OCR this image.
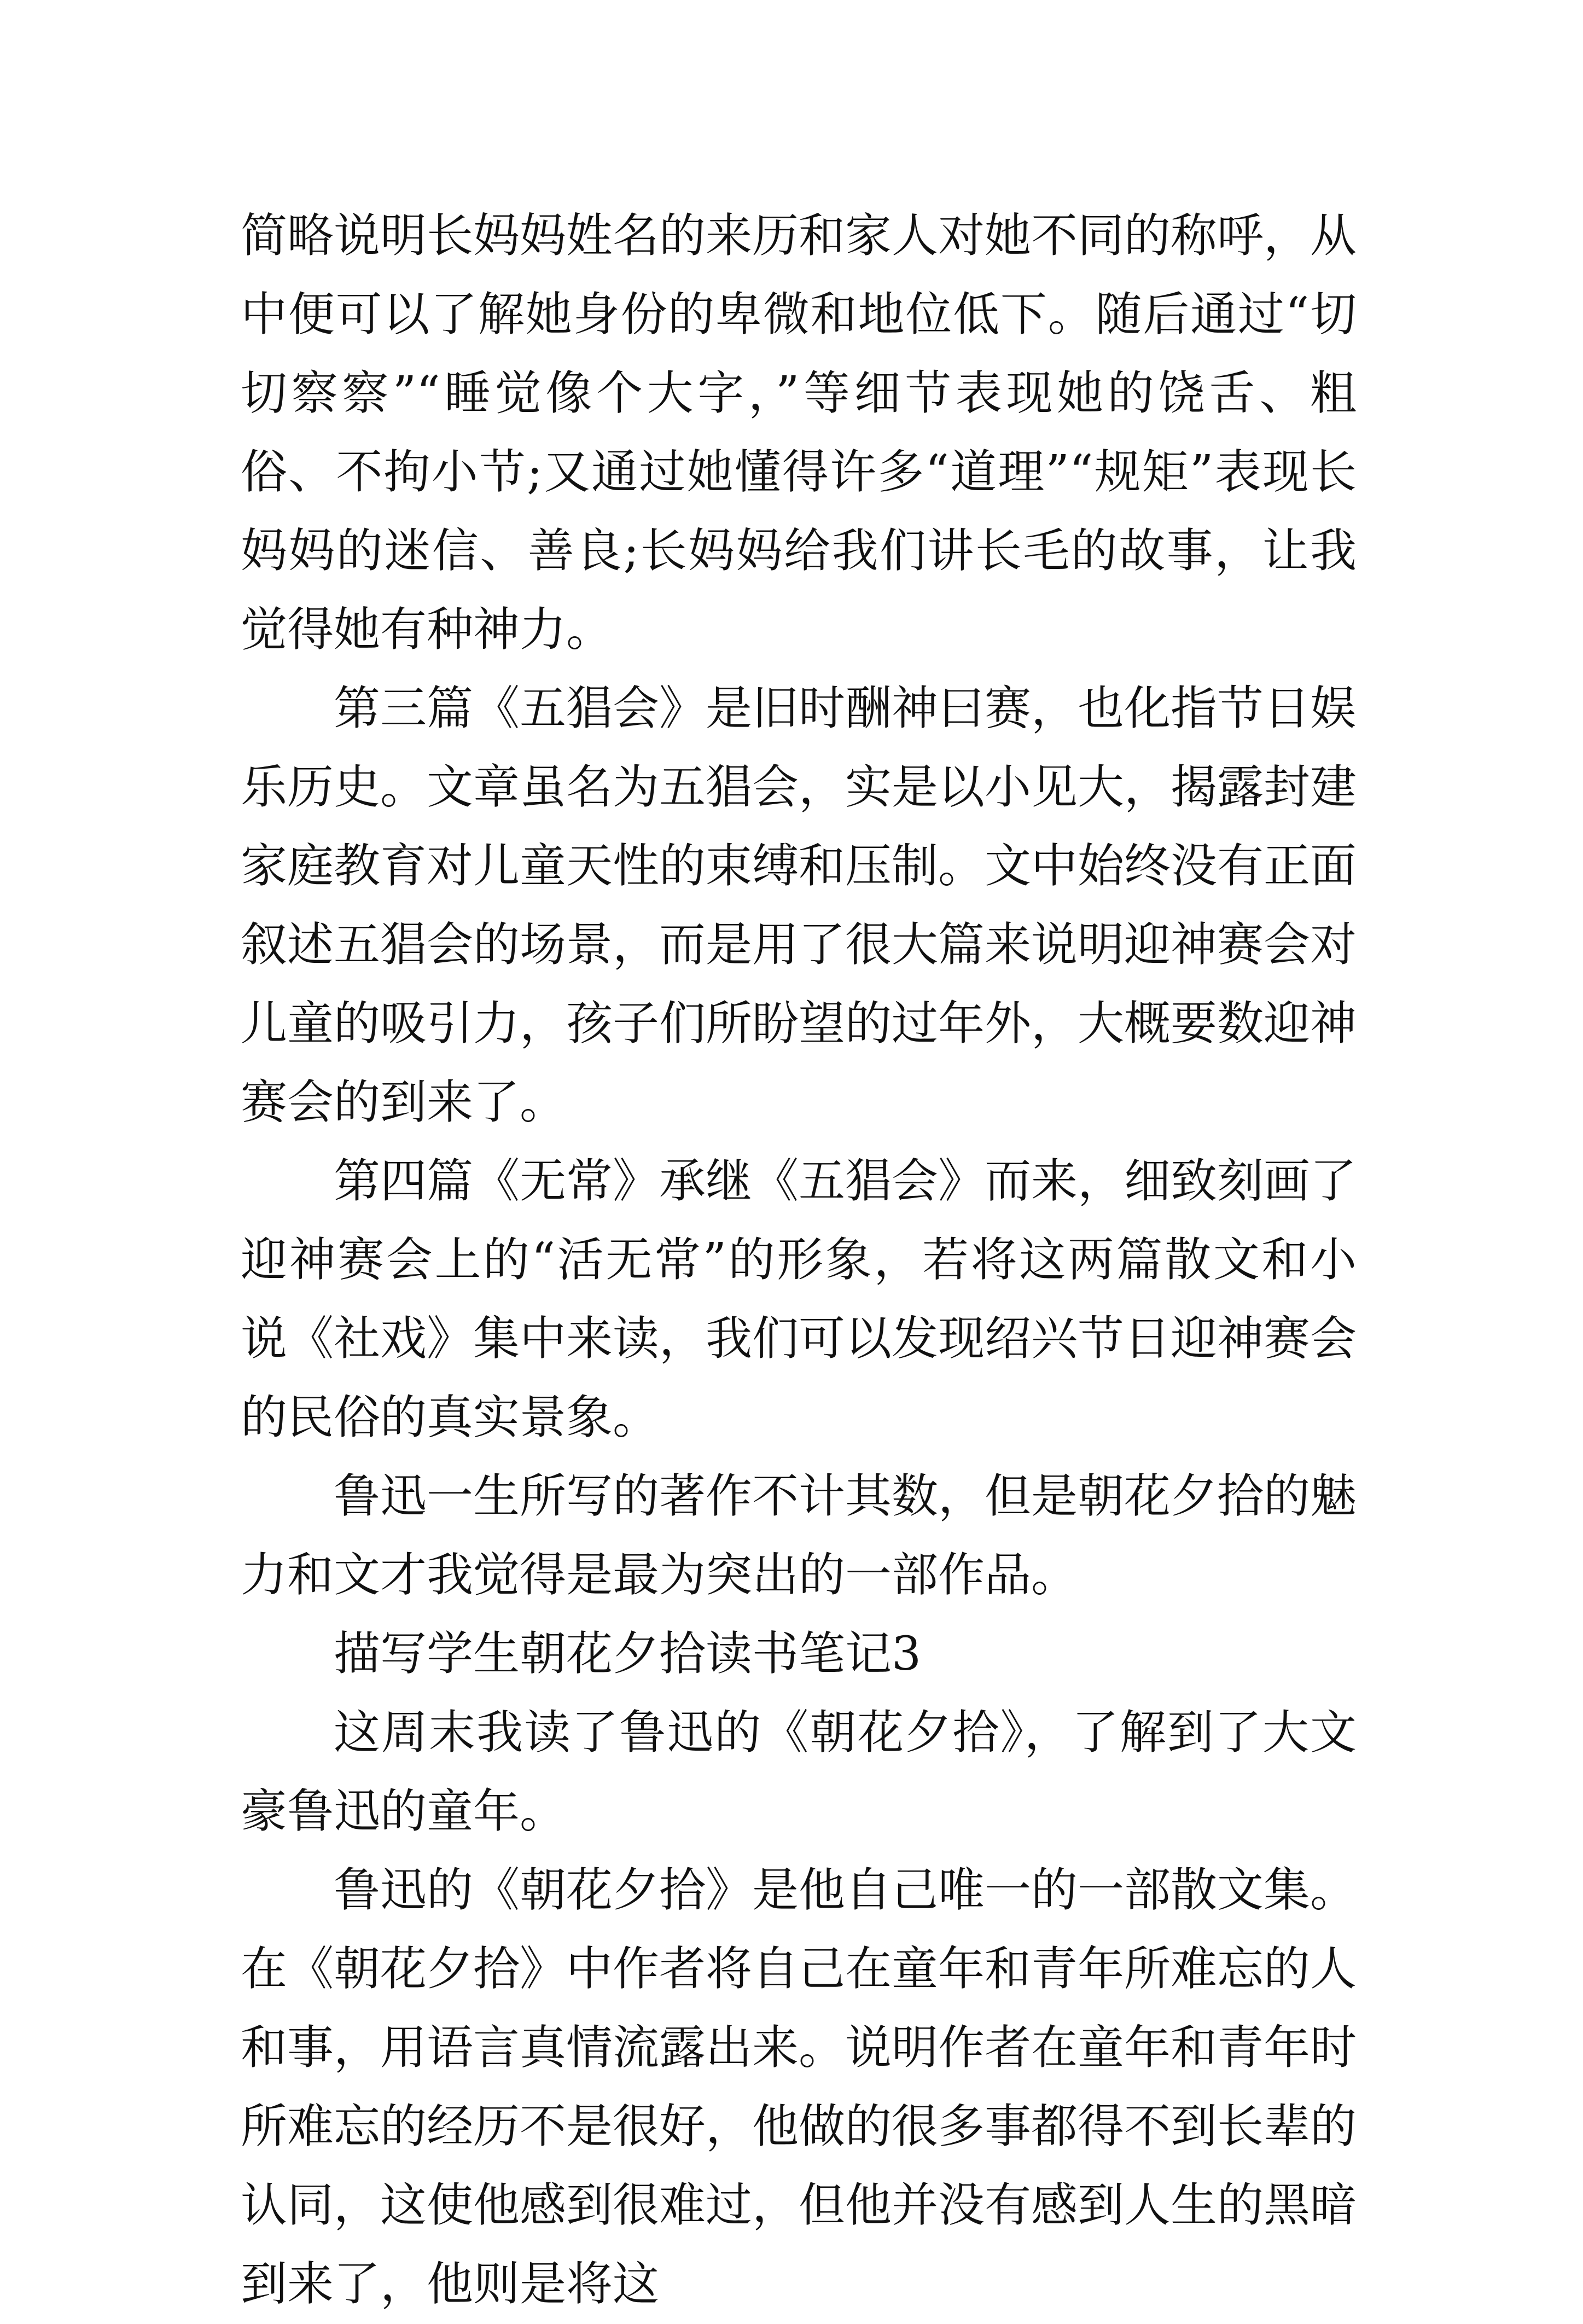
简略说明长妈妈姓名的来历和家人对她不同的称呼，从中便可以了解她身份的卑微和地位低下。随后通过“切切察察”“睡觉像个大字，”等细节表现她的饶舌、粗俗、不拘小节;又通过她懂得许多“道理”“规矩”表现长妈妈的迷信、善良;长妈妈给我们讲长毛的故事，让我觉得她有种神力。

第三篇《五猖会》是旧时酬神曰赛，也化指节日娱乐历史。文章虽名为五猖会，实是以小见大，揭露封建家庭教育对儿童天性的束缚和压制。文中始终没有正面叙述五猖会的场景，而是用了很大篇来说明迎神赛会对儿童的吸引力，孩子们所盼望的过年外，大概要数迎神赛会的到来了。

第四篇《无常》承继《五猖会》而来，细致刻画了迎神赛会上的“活无常”的形象，若将这两篇散文和小说《社戏》集中来读，我们可以发现绍兴节日迎神赛会的民俗的真实景象。

鲁迅一生所写的著作不计其数，但是朝花夕拾的魅力和文才我觉得是最为突出的一部作品。

描写学生朝花夕拾读书笔记3

这周末我读了鲁迅的《朝花夕拾》，了解到了大文豪鲁迅的童年。

鲁迅的《朝花夕拾》是他自己唯一的一部散文集。在《朝花夕拾》中作者将自己在童年和青年所难忘的人和事，用语言真情流露出来。说明作者在童年和青年时所难忘的经历不是很好，他做的很多事都得不到长辈的认同，这使他感到很难过，但他并没有感到人生的黑暗到来了，他则是将这
